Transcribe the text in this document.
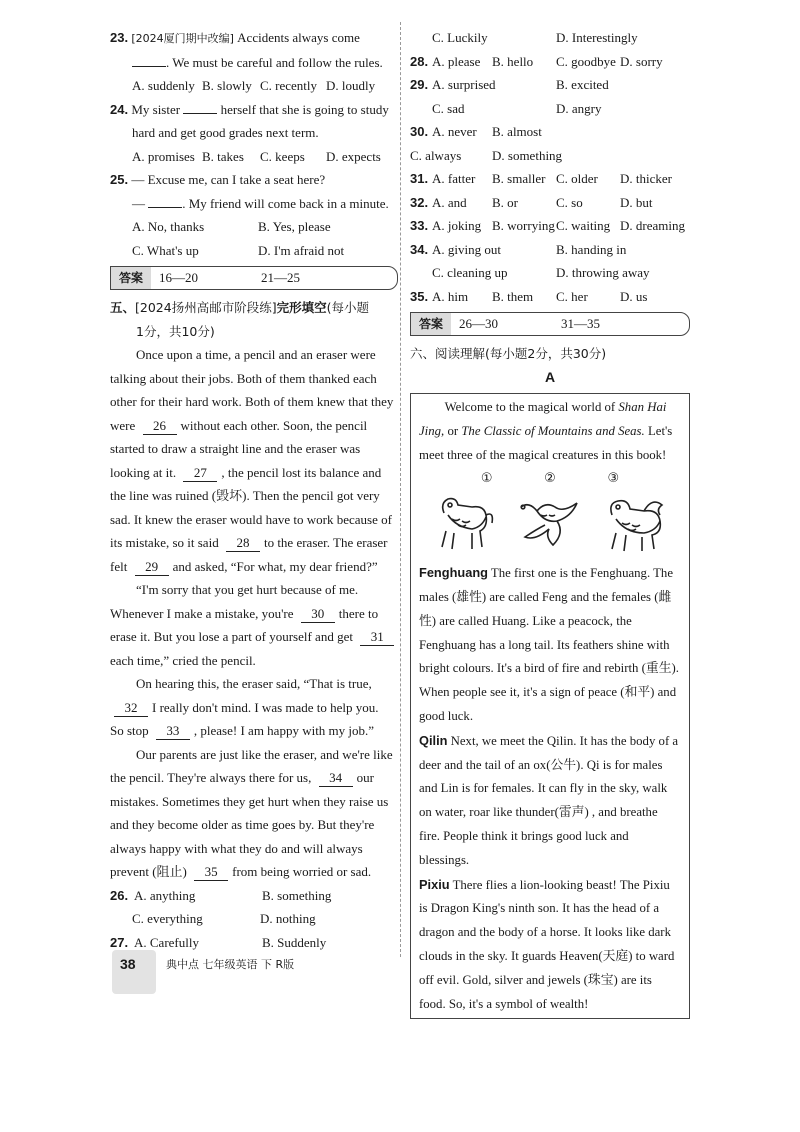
23. [2024厦门期中改编] Accidents always come
. We must be careful and follow the rules.
A. suddenly B. slowly C. recently D. loudly
24. My sister	herself that she is going to study
hard and get good grades next term.
A. promises B. takes	C. keeps	D. expects
25. — Excuse me, can I take a seat here?
—	. My friend will come back in a minute.
A. No, thanks	B. Yes, please
C. What's up	D. I'm afraid not
答案	16—20	21—25
五、[2024扬州高邮市阶段练]完形填空(每小题
1分，共10分)
Once upon a time, a pencil and an eraser were
talking about their jobs. Both of them thanked each
other for their hard work. Both of them knew that they
were 26 without each other. Soon, the pencil
started to draw a straight line and the eraser was
looking at it. 27 , the pencil lost its balance and
the line was ruined (毁坏). Then the pencil got very
sad. It knew the eraser would have to work because of
its mistake, so it said 28 to the eraser. The eraser
felt 29 and asked, “For what, my dear friend?”
“I'm sorry that you get hurt because of me.
Whenever I make a mistake, you're 30 there to
erase it. But you lose a part of yourself and get 31
each time,” cried the pencil.
On hearing this, the eraser said, “That is true,
32 I really don't mind. I was made to help you.
So stop 33 , please! I am happy with my job.”
Our parents are just like the eraser, and we're like
the pencil. They're always there for us, 34 our
mistakes. Sometimes they get hurt when they raise us
and they become older as time goes by. But they're
always happy with what they do and will always
prevent (阻止) 35 from being worried or sad.
26. A. anything	B. something
C. everything	D. nothing
27. A. Carefully	B. Suddenly
C. Luckily	D. Interestingly
28. A. please B. hello	C. goodbye D. sorry
29. A. surprised	B. excited
C. sad	D. angry
30. A. never	B. almost
C. always	D. something
31. A. fatter	B. smaller C. older	D. thicker
32. A. and	B. or	C. so	D. but
33. A. joking B. worrying C. waiting D. dreaming
34. A. giving out	B. handing in
C. cleaning up	D. throwing away
35. A. him	B. them	C. her	D. us
答案	26—30	31—35
六、阅读理解(每小题2分，共30分)
A

Welcome to the magical world of Shan Hai Jing, or The Classic of Mountains and Seas. Let's meet three of the magical creatures in this book!

①	②	③

Fenghuang The first one is the Fenghuang. The males (雄性) are called Feng and the females (雌性) are called Huang. Like a peacock, the Fenghuang has a long tail. Its feathers shine with bright colours. It's a bird of fire and rebirth (重生). When people see it, it's a sign of peace (和平) and good luck.

Qilin Next, we meet the Qilin. It has the body of a deer and the tail of an ox(公牛). Qi is for males and Lin is for females. It can fly in the sky, walk on water, roar like thunder(雷声) , and breathe fire. People think it brings good luck and blessings.

Pixiu There flies a lion-looking beast! The Pixiu is Dragon King's ninth son. It has the head of a dragon and the body of a horse. It looks like dark clouds in the sky. It guards Heaven(天庭) to ward off evil. Gold, silver and jewels (珠宝) are its food. So, it's a symbol of wealth!

38	典中点 七年级英语 下 R版
